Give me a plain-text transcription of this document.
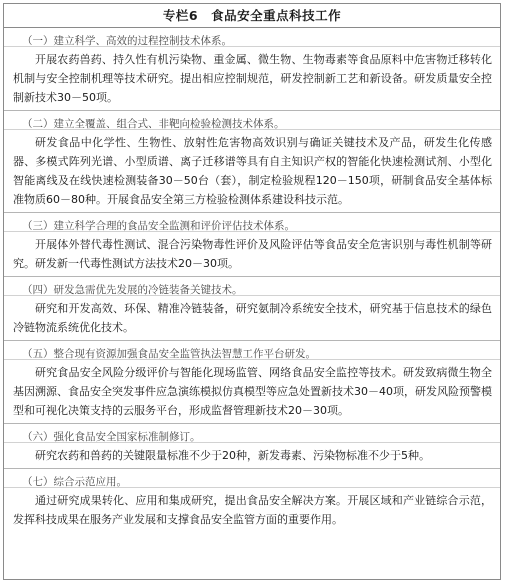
专栏6　食品安全重点科技工作
（一）建立科学、高效的过程控制技术体系。
开展农药兽药、持久性有机污染物、重金属、微生物、生物毒素等食品原料中危害物迁移转化机制与安全控制机理等技术研究。提出相应控制规范，研发控制新工艺和新设备。研发质量安全控制新技术30－50项。
（二）建立全覆盖、组合式、非靶向检验检测技术体系。
研发食品中化学性、生物性、放射性危害物高效识别与确证关键技术及产品，研发生化传感器、多模式阵列光谱、小型质谱、离子迁移谱等具有自主知识产权的智能化快速检测试剂、小型化智能离线及在线快速检测装备30－50台（套），制定检验规程120－150项，研制食品安全基体标准物质60－80种。开展食品安全第三方检验检测体系建设科技示范。
（三）建立科学合理的食品安全监测和评价评估技术体系。
开展体外替代毒性测试、混合污染物毒性评价及风险评估等食品安全危害识别与毒性机制等研究。研发新一代毒性测试方法技术20－30项。
（四）研发急需优先发展的冷链装备关键技术。
研究和开发高效、环保、精准冷链装备，研究氨制冷系统安全技术，研究基于信息技术的绿色冷链物流系统优化技术。
（五）整合现有资源加强食品安全监管执法智慧工作平台研发。
研究食品安全风险分级评价与智能化现场监管、网络食品安全监控等技术。研发致病微生物全基因溯源、食品安全突发事件应急演练模拟仿真模型等应急处置新技术30－40项，研发风险预警模型和可视化决策支持的云服务平台，形成监督管理新技术20－30项。
（六）强化食品安全国家标准制修订。
研究农药和兽药的关键限量标准不少于20种，新发毒素、污染物标准不少于5种。
（七）综合示范应用。
通过研究成果转化、应用和集成研究，提出食品安全解决方案。开展区域和产业链综合示范，发挥科技成果在服务产业发展和支撑食品安全监管方面的重要作用。
